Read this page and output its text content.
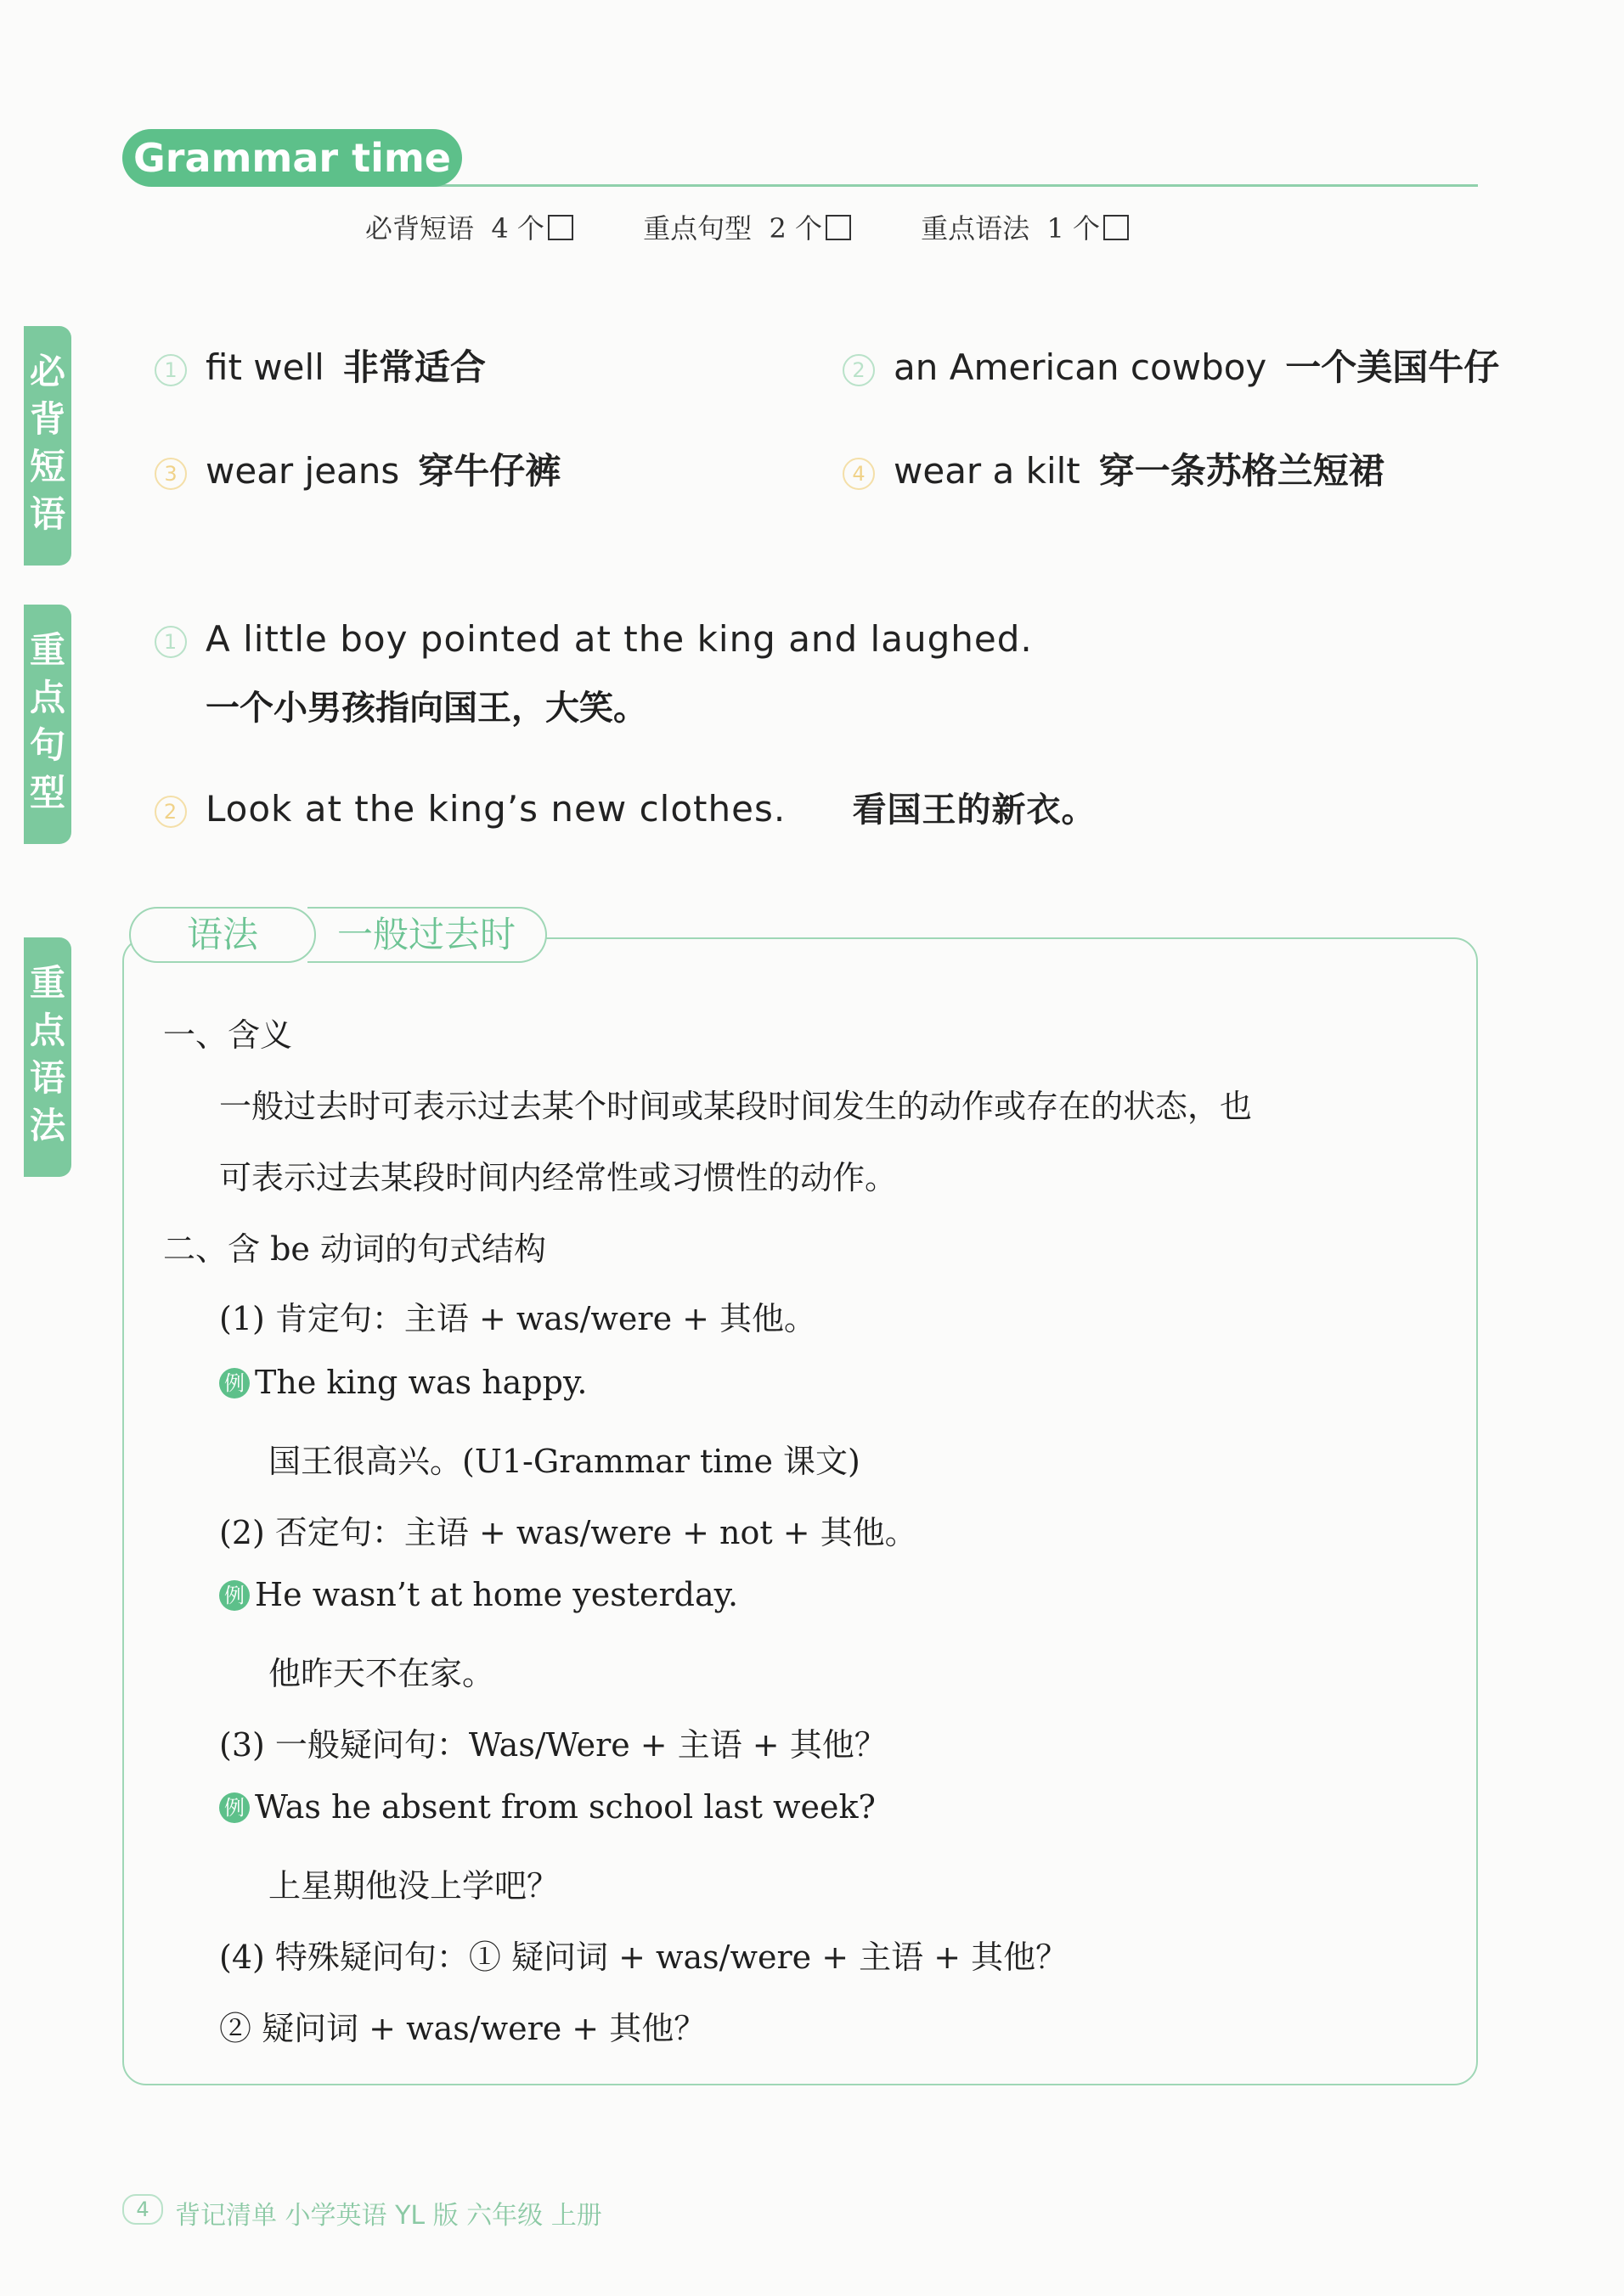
Grammar time
必背短语 4 个	重点句型 2 个	重点语法 1 个
必
背
短
语
重
点
句
型
重
点
语
法
1 fit well 非常适合	2 an American cowboy 一个美国牛仔
3 wear jeans 穿牛仔裤	4 wear a kilt 穿一条苏格兰短裙
1 A little boy pointed at the king and laughed.
一个小男孩指向国王，大笑。
2 Look at the king’s new clothes. 看国王的新衣。
一般过去时
语法
一、含义
一般过去时可表示过去某个时间或某段时间发生的动作或存在的状态，也
可表示过去某段时间内经常性或习惯性的动作。
二、含 be 动词的句式结构
(1) 肯定句：主语 + was/were + 其他。
例 The king was happy.
国王很高兴。(U1-Grammar time 课文)
(2) 否定句：主语 + was/were + not + 其他。
例 He wasn’t at home yesterday.
他昨天不在家。
(3) 一般疑问句：Was/Were + 主语 + 其他？
例 Was he absent from school last week?
上星期他没上学吧？
(4) 特殊疑问句：① 疑问词 + was/were + 主语 + 其他？
② 疑问词 + was/were + 其他？
4	背记清单 小学英语 YL 版 六年级 上册
